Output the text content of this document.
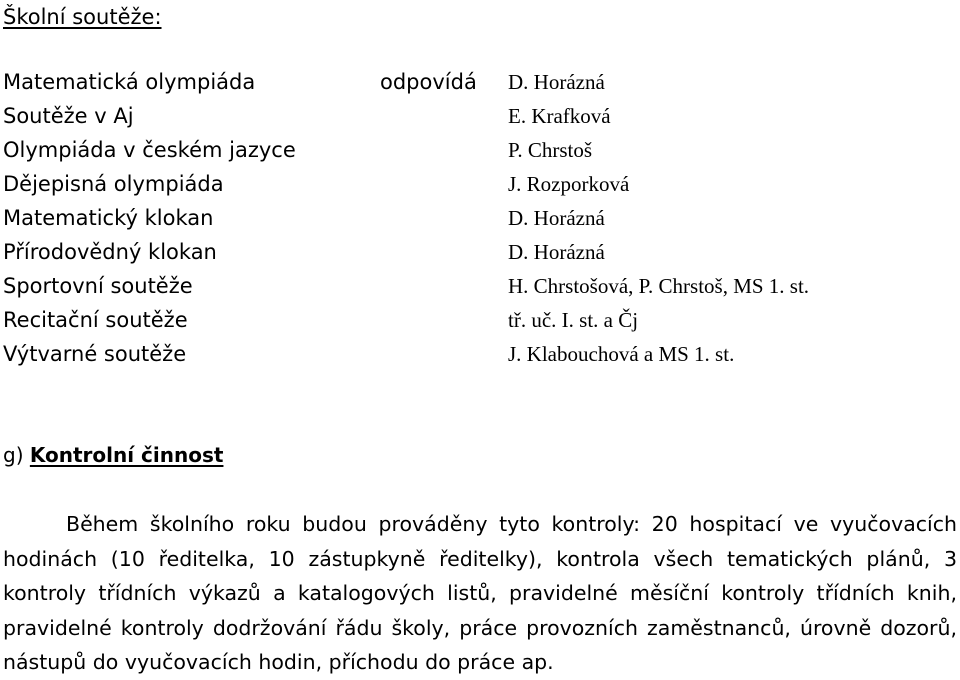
Školní soutěže:
Matematická olympiáda	odpovídá D. Horázná
Soutěže v Aj	E. Krafková
Olympiáda v českém jazyce	P. Chrstoš
Dějepisná olympiáda	J. Rozporková
Matematický klokan	D. Horázná
Přírodovědný klokan	D. Horázná
Sportovní soutěže	H. Chrstošová, P. Chrstoš, MS 1. st.
Recitační soutěže	tř. uč. I. st. a Čj
Výtvarné soutěže	J. Klabouchová a MS 1. st.
g) Kontrolní činnost

Během školního roku budou prováděny tyto kontroly: 20 hospitací ve vyučovacích hodinách (10 ředitelka, 10 zástupkyně ředitelky), kontrola všech tematických plánů, 3 kontroly třídních výkazů a katalogových listů, pravidelné měsíční kontroly třídních knih, pravidelné kontroly dodržování řádu školy, práce provozních zaměstnanců, úrovně dozorů, nástupů do vyučovacích hodin, příchodu do práce ap.
